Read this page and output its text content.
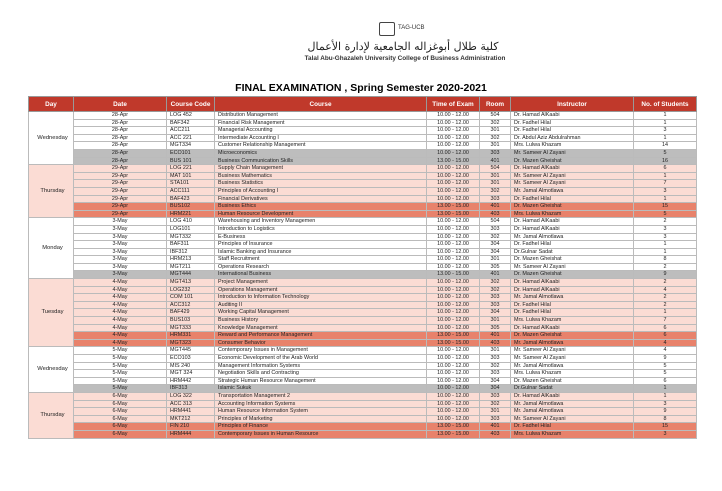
TAG-UCB
كلية طلال أبوغزاله الجامعية لإدارة الأعمال
Talal Abu-Ghazaleh University College of Business Administration
FINAL EXAMINATION , Spring Semester 2020-2021
Day	Date	Course Code	Course	Time of Exam	Room	Instructor	No. of Students
Wednesday	28-Apr	LOG 452	Distribution Management	10.00 - 12.00	504	Dr. Hamad AlKaabi	1
	28-Apr	BAF342	Financial Risk Management	10.00 - 12.00	302	Dr. Fadhel Hilal	1
	28-Apr	ACC211	Managerial Accounting	10.00 - 12.00	301	Dr. Fadhel Hilal	3
	28-Apr	ACC 221	Intermediate Accounting I	10.00 - 12.00	302	Dr. Abdul Aziz Abdulrahman	1
	28-Apr	MGT334	Customer Relationship Management	10.00 - 12.00	301	Mrs. Lulwa Khazam	14
	28-Apr	ECO101	Microeconomics	10.00 - 12.00	303	Mr. Sameer Al Zayani	5
	28-Apr	BUS 101	Business Communication Skills	13.00 - 15.00	401	Dr. Mazen Gheishat	16
Thursday	29-Apr	LOG 221	Supply Chain Management	10.00 - 12.00	504	Dr. Hamad AlKaabi	6
	29-Apr	MAT 101	Business Mathematics	10.00 - 12.00	301	Mr. Sameer Al Zayani	1
	29-Apr	STA101	Business Statistics	10.00 - 12.00	301	Mr. Sameer Al Zayani	7
	29-Apr	ACC111	Principles of Accounting I	10.00 - 12.00	302	Mr. Jamal Almotlawa	3
	29-Apr	BAF423	Financial Derivatives	10.00 - 12.00	303	Dr. Fadhel Hilal	1
	29-Apr	BUS102	Business Ethics	13.00 - 15.00	401	Dr. Mazen Gheishat	15
	29-Apr	HRM221	Human Resource Development	13.00 - 15.00	403	Mrs. Lulwa Khazam	5
Monday	3-May	LOG 410	Warehousing and Inventory Managemen	10.00 - 12.00	504	Dr. Hamad AlKaabi	2
	3-May	LOG101	Introduction to Logistics	10.00 - 12.00	303	Dr. Hamad AlKaabi	3
	3-May	MGT332	E-Business	10.00 - 12.00	302	Mr. Jamal Almotlawa	3
	3-May	BAF311	Principles of Insurance	10.00 - 12.00	304	Dr. Fadhel Hilal	1
	3-May	IBF312	Islamic Banking and Insurance	10.00 - 12.00	304	Dr.Gulnar Sadat	1
	3-May	HRM213	Staff Recruitment	10.00 - 12.00	301	Dr. Mazen Gheishat	8
	3-May	MGT211	Operations Research	10.00 - 12.00	305	Mr. Sameer Al Zayani	2
	3-May	MGT444	International Business	13.00 - 15.00	401	Dr. Mazen Gheishat	9
Tuesday	4-May	MGT413	Project Management	10.00 - 12.00	302	Dr. Hamad AlKaabi	2
	4-May	LOG232	Operations Management	10.00 - 12.00	302	Dr. Hamad AlKaabi	4
	4-May	COM 101	Introduction to Information Technology	10.00 - 12.00	303	Mr. Jamal Almotlawa	2
	4-May	ACC312	Auditing II	10.00 - 12.00	303	Dr. Fadhel Hilal	2
	4-May	BAF429	Working Capital Management	10.00 - 12.00	304	Dr. Fadhel Hilal	1
	4-May	BUS103	Business History	10.00 - 12.00	301	Mrs. Lulwa Khazam	7
	4-May	MGT333	Knowledge Management	10.00 - 12.00	305	Dr. Hamad AlKaabi	6
	4-May	HRM331	Reward and Performance Management	13.00 - 15.00	401	Dr. Mazen Gheishat	6
	4-May	MGT323	Consumer Behavior	13.00 - 15.00	403	Mr. Jamal Almotlawa	4
Wednesday	5-May	MGT445	Contemporary Issues in Management	10.00 - 12.00	301	Mr. Sameer Al Zayani	4
	5-May	ECO103	Economic Development of the Arab World	10.00 - 12.00	303	Mr. Sameer Al Zayani	9
	5-May	MIS 240	Management Information Systems	10.00 - 12.00	302	Mr. Jamal Almotlawa	5
	5-May	MGT 324	Negotiation Skills and Contracting	10.00 - 12.00	303	Mrs. Lulwa Khazam	5
	5-May	HRM442	Strategic Human Resource Management	10.00 - 12.00	304	Dr. Mazen Gheishat	6
	5-May	IBF313	Islamic Sukuk	10.00 - 12.00	304	Dr.Gulnar Sadat	1
Thursday	6-May	LOG 322	Transportation Management 2	10.00 - 12.00	303	Dr. Hamad AlKaabi	1
	6-May	ACC 313	Accounting Information Systems	10.00 - 12.00	302	Mr. Jamal Almotlawa	3
	6-May	HRM441	Human Resource Information System	10.00 - 12.00	301	Mr. Jamal Almotlawa	9
	6-May	MKT212	Principles of Marketing	10.00 - 12.00	303	Mr. Sameer Al Zayani	8
	6-May	FIN 210	Principles of Finance	13.00 - 15.00	401	Dr. Fadhel Hilal	15
	6-May	HRM444	Contemporary Issues in Human Resource	13.00 - 15.00	403	Mrs. Lulwa Khazam	3
